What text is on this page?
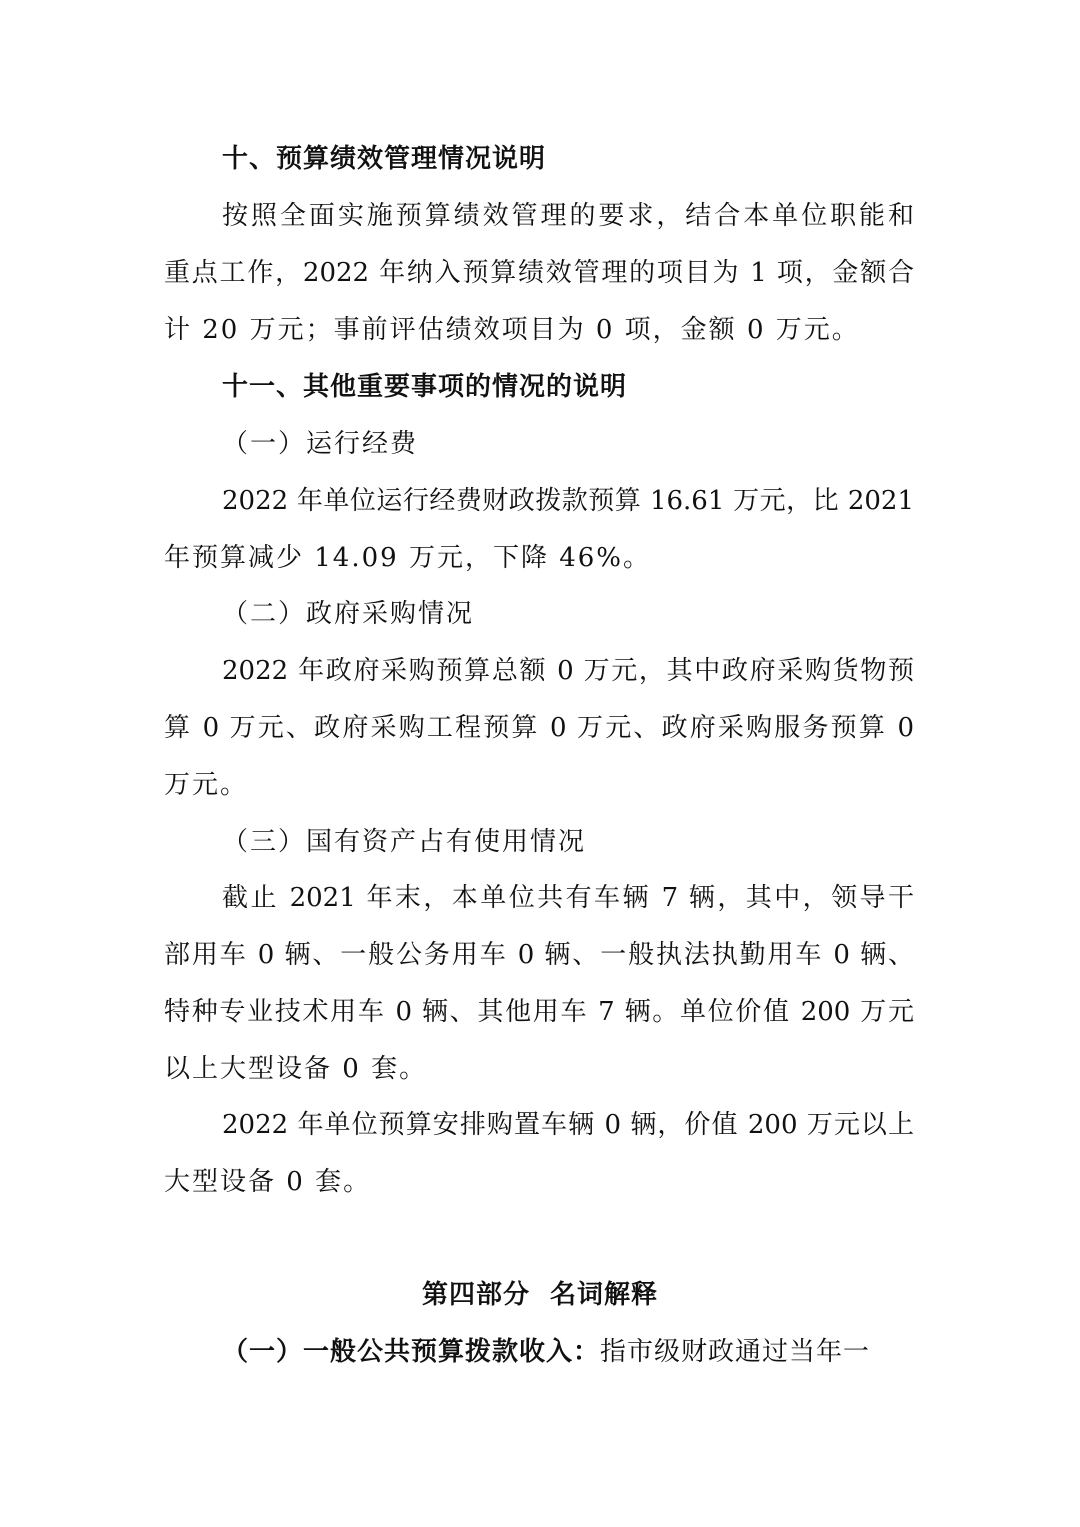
十、预算绩效管理情况说明
按照全面实施预算绩效管理的要求，结合本单位职能和
重点工作，2022 年纳入预算绩效管理的项目为 1 项，金额合
计 20 万元；事前评估绩效项目为 0 项，金额 0 万元。
十一、其他重要事项的情况的说明
（一）运行经费
2022 年单位运行经费财政拨款预算 16.61 万元，比 2021
年预算减少 14.09 万元，下降 46%。
（二）政府采购情况
2022 年政府采购预算总额 0 万元，其中政府采购货物预
算 0 万元、政府采购工程预算 0 万元、政府采购服务预算 0
万元。
（三）国有资产占有使用情况
截止 2021 年末，本单位共有车辆 7 辆，其中，领导干
部用车 0 辆、一般公务用车 0 辆、一般执法执勤用车 0 辆、
特种专业技术用车 0 辆、其他用车 7 辆。单位价值 200 万元
以上大型设备 0 套。
2022 年单位预算安排购置车辆 0 辆，价值 200 万元以上
大型设备 0 套。
第四部分  名词解释
（一）一般公共预算拨款收入：指市级财政通过当年一
